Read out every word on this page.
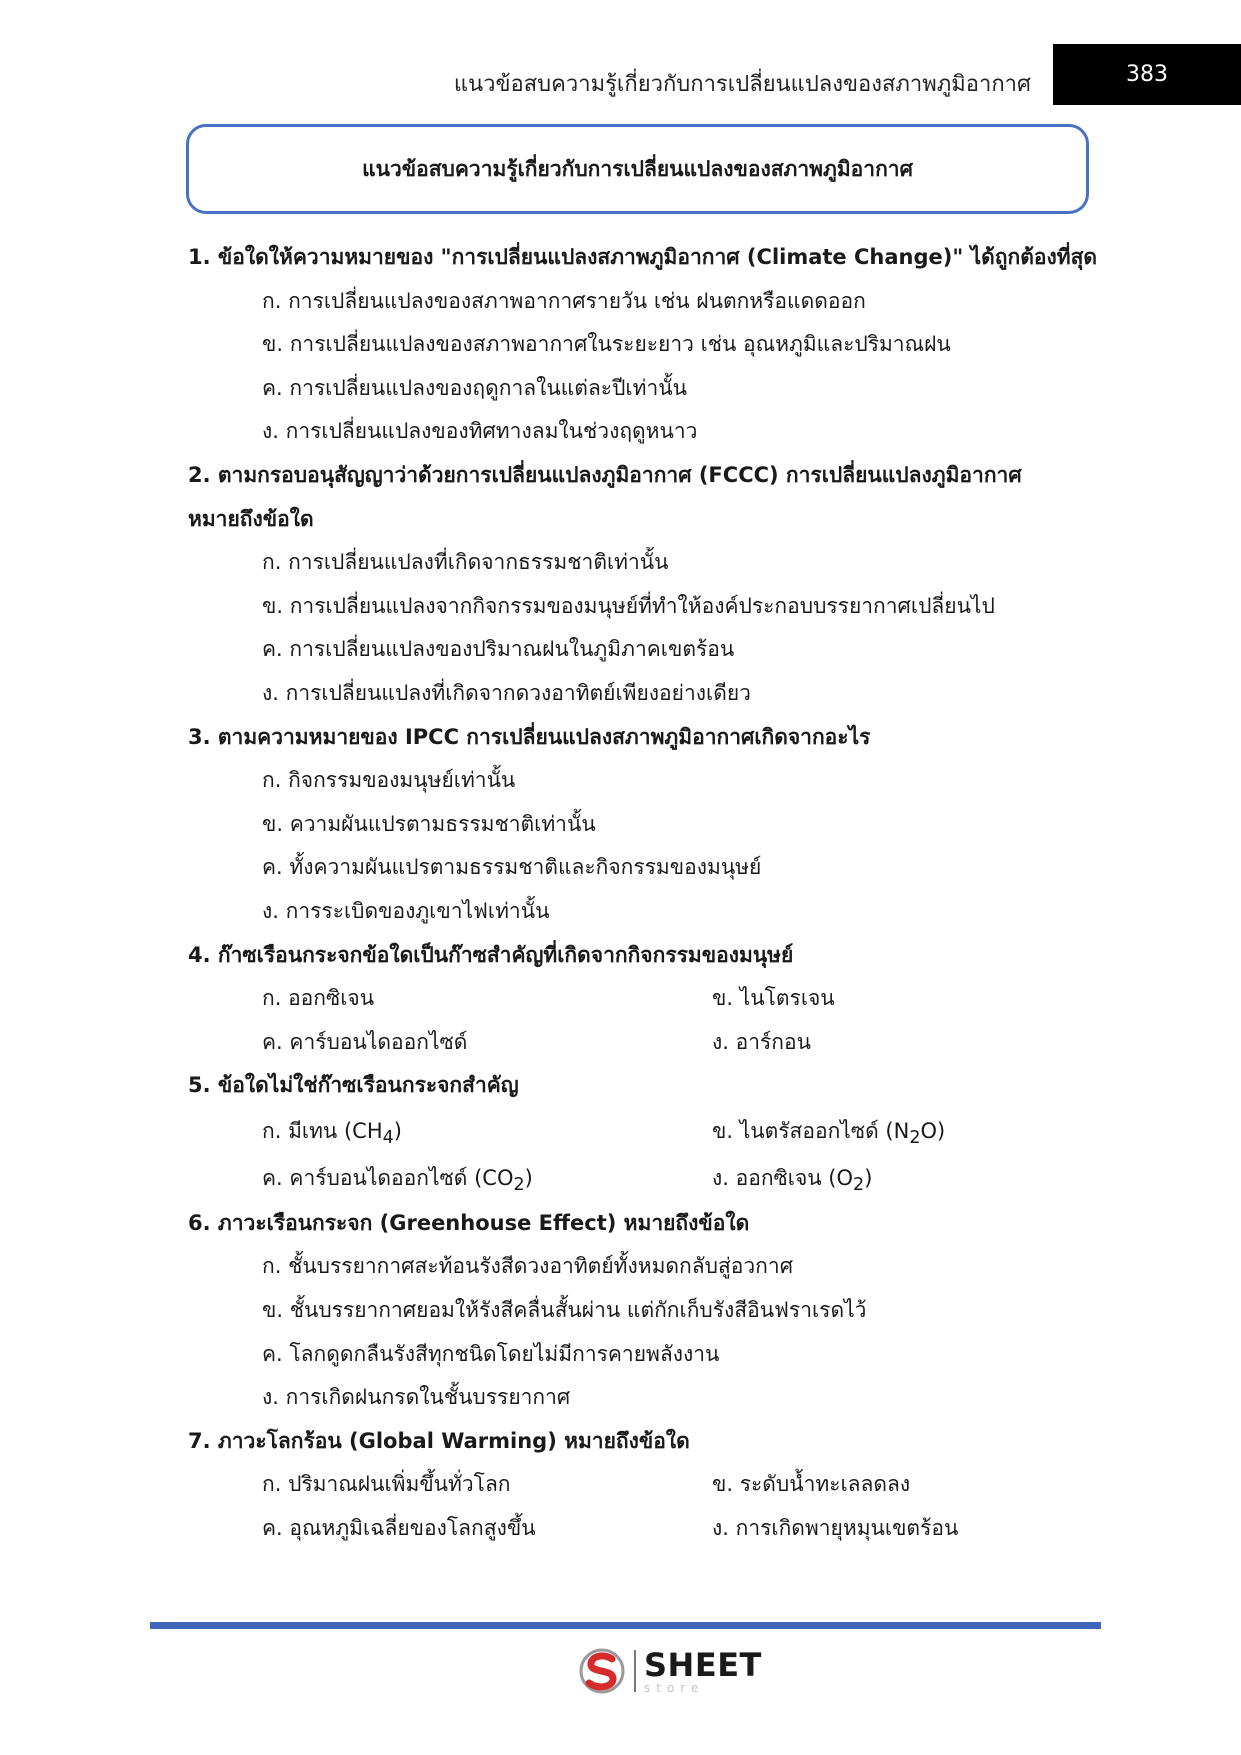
แนวข้อสบความรู้เกี่ยวกับการเปลี่ยนแปลงของสภาพภูมิอากาศ	383
แนวข้อสบความรู้เกี่ยวกับการเปลี่ยนแปลงของสภาพภูมิอากาศ
1. ข้อใดให้ความหมายของ "การเปลี่ยนแปลงสภาพภูมิอากาศ (Climate Change)" ได้ถูกต้องที่สุด
ก. การเปลี่ยนแปลงของสภาพอากาศรายวัน เช่น ฝนตกหรือแดดออก
ข. การเปลี่ยนแปลงของสภาพอากาศในระยะยาว เช่น อุณหภูมิและปริมาณฝน
ค. การเปลี่ยนแปลงของฤดูกาลในแต่ละปีเท่านั้น
ง. การเปลี่ยนแปลงของทิศทางลมในช่วงฤดูหนาว
2. ตามกรอบอนุสัญญาว่าด้วยการเปลี่ยนแปลงภูมิอากาศ (FCCC) การเปลี่ยนแปลงภูมิอากาศ
หมายถึงข้อใด
ก. การเปลี่ยนแปลงที่เกิดจากธรรมชาติเท่านั้น
ข. การเปลี่ยนแปลงจากกิจกรรมของมนุษย์ที่ทำให้องค์ประกอบบรรยากาศเปลี่ยนไป
ค. การเปลี่ยนแปลงของปริมาณฝนในภูมิภาคเขตร้อน
ง. การเปลี่ยนแปลงที่เกิดจากดวงอาทิตย์เพียงอย่างเดียว
3. ตามความหมายของ IPCC การเปลี่ยนแปลงสภาพภูมิอากาศเกิดจากอะไร
ก. กิจกรรมของมนุษย์เท่านั้น
ข. ความผันแปรตามธรรมชาติเท่านั้น
ค. ทั้งความผันแปรตามธรรมชาติและกิจกรรมของมนุษย์
ง. การระเบิดของภูเขาไฟเท่านั้น
4. ก๊าซเรือนกระจกข้อใดเป็นก๊าซสำคัญที่เกิดจากกิจกรรมของมนุษย์
ก. ออกซิเจน	ข. ไนโตรเจน
ค. คาร์บอนไดออกไซด์	ง. อาร์กอน
5. ข้อใดไม่ใช่ก๊าซเรือนกระจกสำคัญ
ก. มีเทน $(CH_4)$	ข. ไนตรัสออกไซด์ $(N_2O)$
ค. คาร์บอนไดออกไซด์ $(CO_2)$	ง. ออกซิเจน $(O_2)$
6. ภาวะเรือนกระจก (Greenhouse Effect) หมายถึงข้อใด
ก. ชั้นบรรยากาศสะท้อนรังสีดวงอาทิตย์ทั้งหมดกลับสู่อวกาศ
ข. ชั้นบรรยากาศยอมให้รังสีคลื่นสั้นผ่าน แต่กักเก็บรังสีอินฟราเรดไว้
ค. โลกดูดกลืนรังสีทุกชนิดโดยไม่มีการคายพลังงาน
ง. การเกิดฝนกรดในชั้นบรรยากาศ
7. ภาวะโลกร้อน (Global Warming) หมายถึงข้อใด
ก. ปริมาณฝนเพิ่มขึ้นทั่วโลก	ข. ระดับน้ำทะเลลดลง
ค. อุณหภูมิเฉลี่ยของโลกสูงขึ้น	ง. การเกิดพายุหมุนเขตร้อน
SHEET
store
